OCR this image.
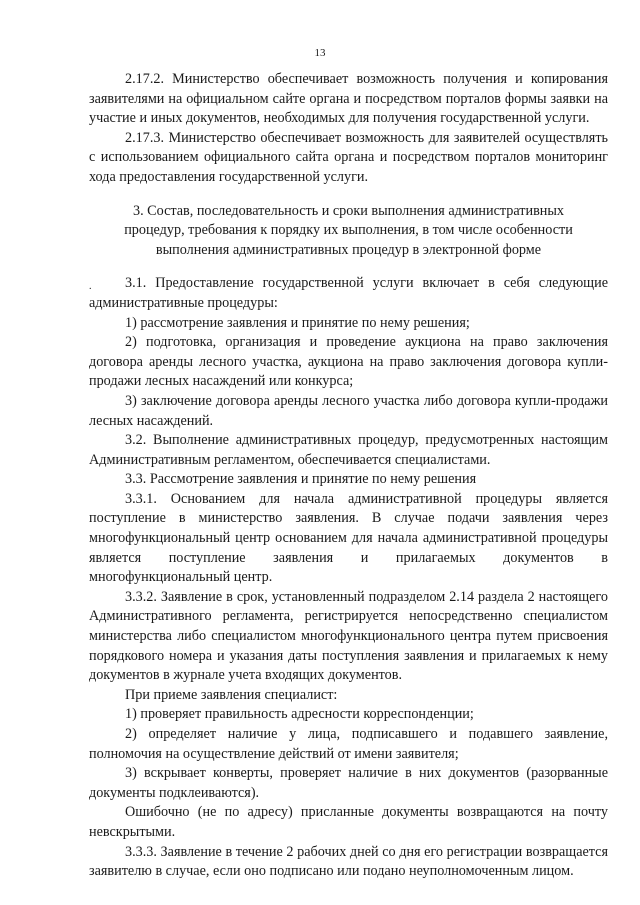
13
.

2.17.2. Министерство обеспечивает возможность получения и копирования заявителями на официальном сайте органа и посредством порталов формы заявки на участие и иных документов, необходимых для получения государственной услуги.

2.17.3. Министерство обеспечивает возможность для заявителей осуществлять с использованием официального сайта органа и посредством порталов мониторинг хода предоставления государственной услуги.

3. Состав, последовательность и сроки выполнения административных процедур, требования к порядку их выполнения, в том числе особенности выполнения административных процедур в электронной форме

3.1. Предоставление государственной услуги включает в себя следующие административные процедуры:

1) рассмотрение заявления и принятие по нему решения;

2) подготовка, организация и проведение аукциона на право заключения договора аренды лесного участка, аукциона на право заключения договора купли-продажи лесных насаждений или конкурса;

3) заключение договора аренды лесного участка либо договора купли-продажи лесных насаждений.

3.2. Выполнение административных процедур, предусмотренных настоящим Административным регламентом, обеспечивается специалистами.

3.3. Рассмотрение заявления и принятие по нему решения

3.3.1. Основанием для начала административной процедуры является поступление в министерство заявления. В случае подачи заявления через многофункциональный центр основанием для начала административной процедуры является поступление заявления и прилагаемых документов в многофункциональный центр.

3.3.2. Заявление в срок, установленный подразделом 2.14 раздела 2 настоящего Административного регламента, регистрируется непосредственно специалистом министерства либо специалистом многофункционального центра путем присвоения порядкового номера и указания даты поступления заявления и прилагаемых к нему документов в журнале учета входящих документов.

При приеме заявления специалист:

1) проверяет правильность адресности корреспонденции;

2) определяет наличие у лица, подписавшего и подавшего заявление, полномочия на осуществление действий от имени заявителя;

3) вскрывает конверты, проверяет наличие в них документов (разорванные документы подклеиваются).

Ошибочно (не по адресу) присланные документы возвращаются на почту невскрытыми.

3.3.3. Заявление в течение 2 рабочих дней со дня его регистрации возвращается заявителю в случае, если оно подписано или подано неуполномоченным лицом.
